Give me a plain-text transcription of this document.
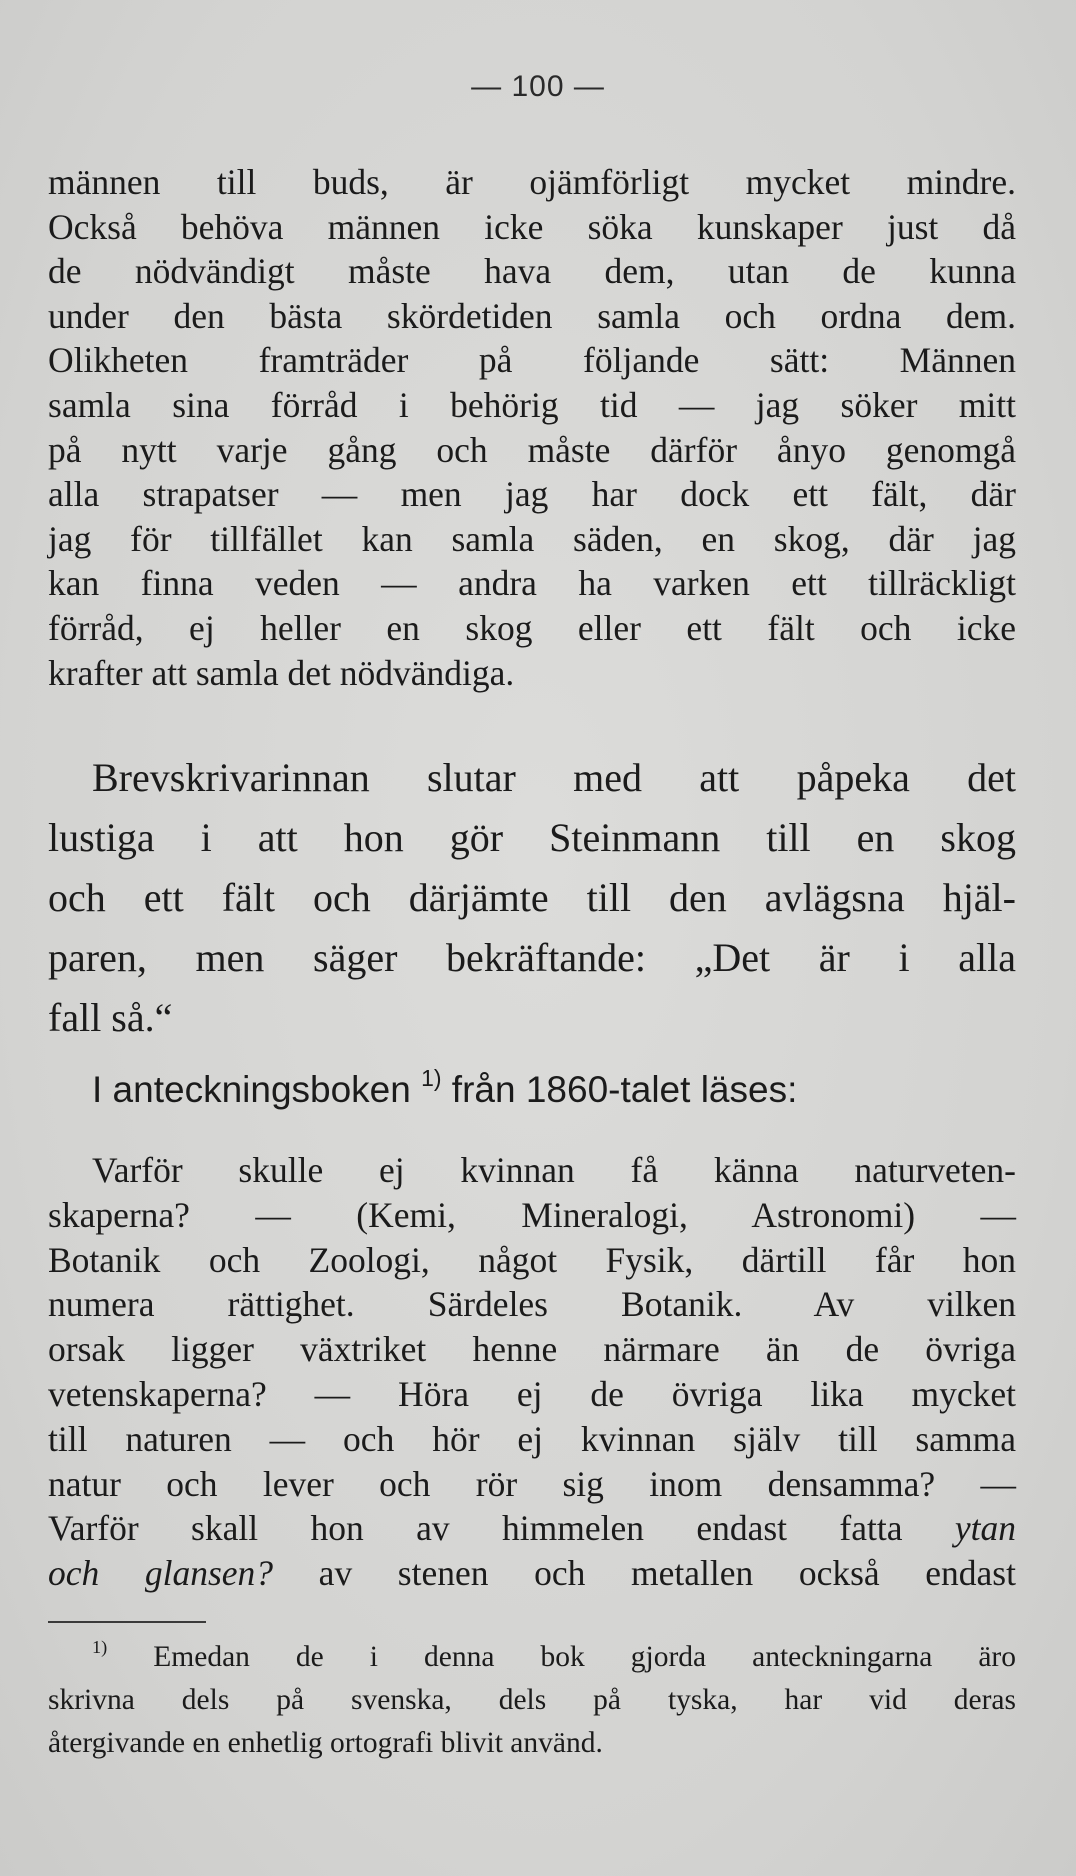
— 100 —
männen till buds, är ojämförligt mycket mindre.
Också behöva männen icke söka kunskaper just då
de nödvändigt måste hava dem, utan de kunna
under den bästa skördetiden samla och ordna dem.
Olikheten framträder på följande sätt: Männen
samla sina förråd i behörig tid — jag söker mitt
på nytt varje gång och måste därför ånyo genomgå
alla strapatser — men jag har dock ett fält, där
jag för tillfället kan samla säden, en skog, där jag
kan finna veden — andra ha varken ett tillräckligt
förråd, ej heller en skog eller ett fält och icke
krafter att samla det nödvändiga.
Brevskrivarinnan slutar med att påpeka det
lustiga i att hon gör Steinmann till en skog
och ett fält och därjämte till den avlägsna hjäl-
paren, men säger bekräftande: „Det är i alla
fall så.“
I anteckningsboken $^{1)}$ från 1860-talet läses:
Varför skulle ej kvinnan få känna naturveten-
skaperna? — (Kemi, Mineralogi, Astronomi) —
Botanik och Zoologi, något Fysik, därtill får hon
numera rättighet. Särdeles Botanik. Av vilken
orsak ligger växtriket henne närmare än de övriga
vetenskaperna? — Höra ej de övriga lika mycket
till naturen — och hör ej kvinnan själv till samma
natur och lever och rör sig inom densamma? —
Varför skall hon av himmelen endast fatta ytan
och glansen? av stenen och metallen också endast
$^{1)}$ Emedan de i denna bok gjorda anteckningarna äro
skrivna dels på svenska, dels på tyska, har vid deras
återgivande en enhetlig ortografi blivit använd.
